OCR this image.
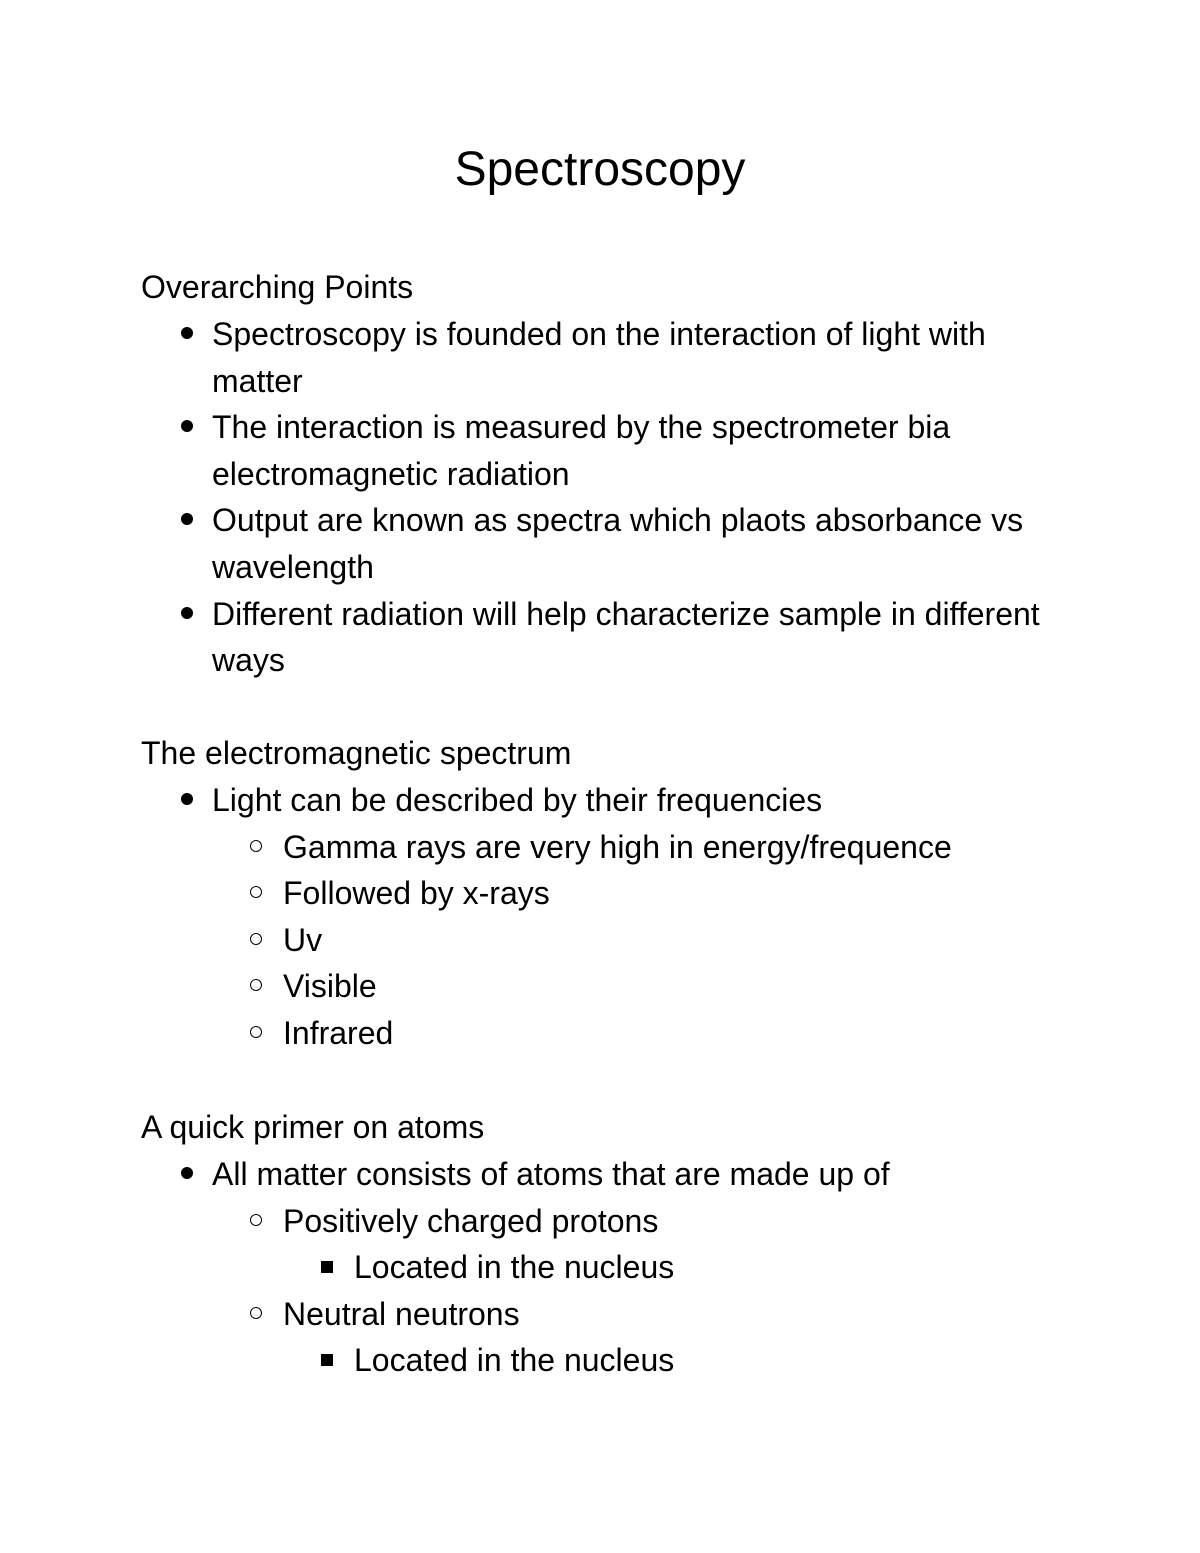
Spectroscopy
Overarching Points
Spectroscopy is founded on the interaction of light with matter
The interaction is measured by the spectrometer bia electromagnetic radiation
Output are known as spectra which plaots absorbance vs wavelength
Different radiation will help characterize sample in different ways
The electromagnetic spectrum
Light can be described by their frequencies
Gamma rays are very high in energy/frequence
Followed by x-rays
Uv
Visible
Infrared
A quick primer on atoms
All matter consists of atoms that are made up of
Positively charged protons
Located in the nucleus
Neutral neutrons
Located in the nucleus
